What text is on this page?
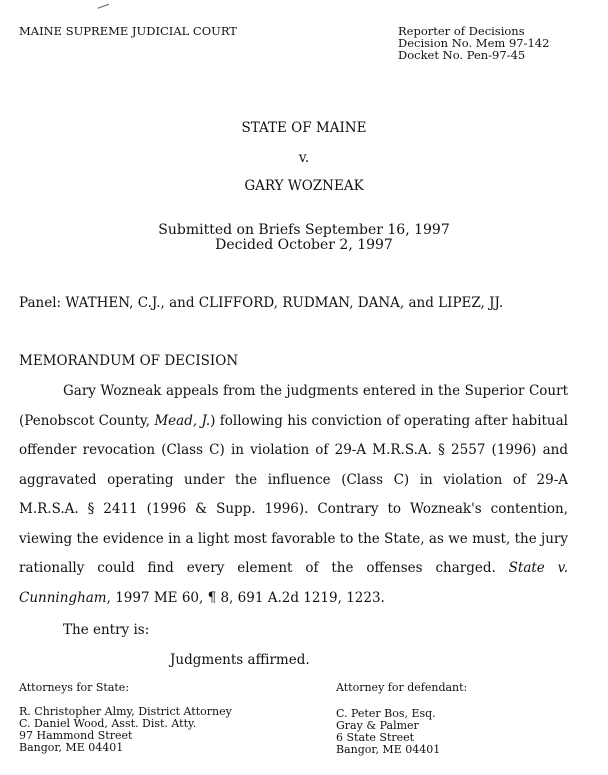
MAINE SUPREME JUDICIAL COURT	Reporter of Decisions
Decision No. Mem 97-142
Docket No. Pen-97-45
STATE OF MAINE
v.
GARY WOZNEAK
Submitted on Briefs September 16, 1997
Decided October 2, 1997
Panel: WATHEN, C.J., and CLIFFORD, RUDMAN, DANA, and LIPEZ, JJ.
MEMORANDUM OF DECISION

Gary Wozneak appeals from the judgments entered in the Superior Court (Penobscot County, Mead, J.) following his conviction of operating after habitual offender revocation (Class C) in violation of 29-A M.R.S.A. § 2557 (1996) and aggravated operating under the influence (Class C) in violation of 29-A M.R.S.A. § 2411 (1996 & Supp. 1996). Contrary to Wozneak's contention, viewing the evidence in a light most favorable to the State, as we must, the jury rationally could find every element of the offenses charged. State v. Cunningham, 1997 ME 60, ¶ 8, 691 A.2d 1219, 1223.

The entry is:
Judgments affirmed.
Attorneys for State:
R. Christopher Almy, District Attorney
C. Daniel Wood, Asst. Dist. Atty.
97 Hammond Street
Bangor, ME 04401
Attorney for defendant:
C. Peter Bos, Esq.
Gray & Palmer
6 State Street
Bangor, ME 04401
